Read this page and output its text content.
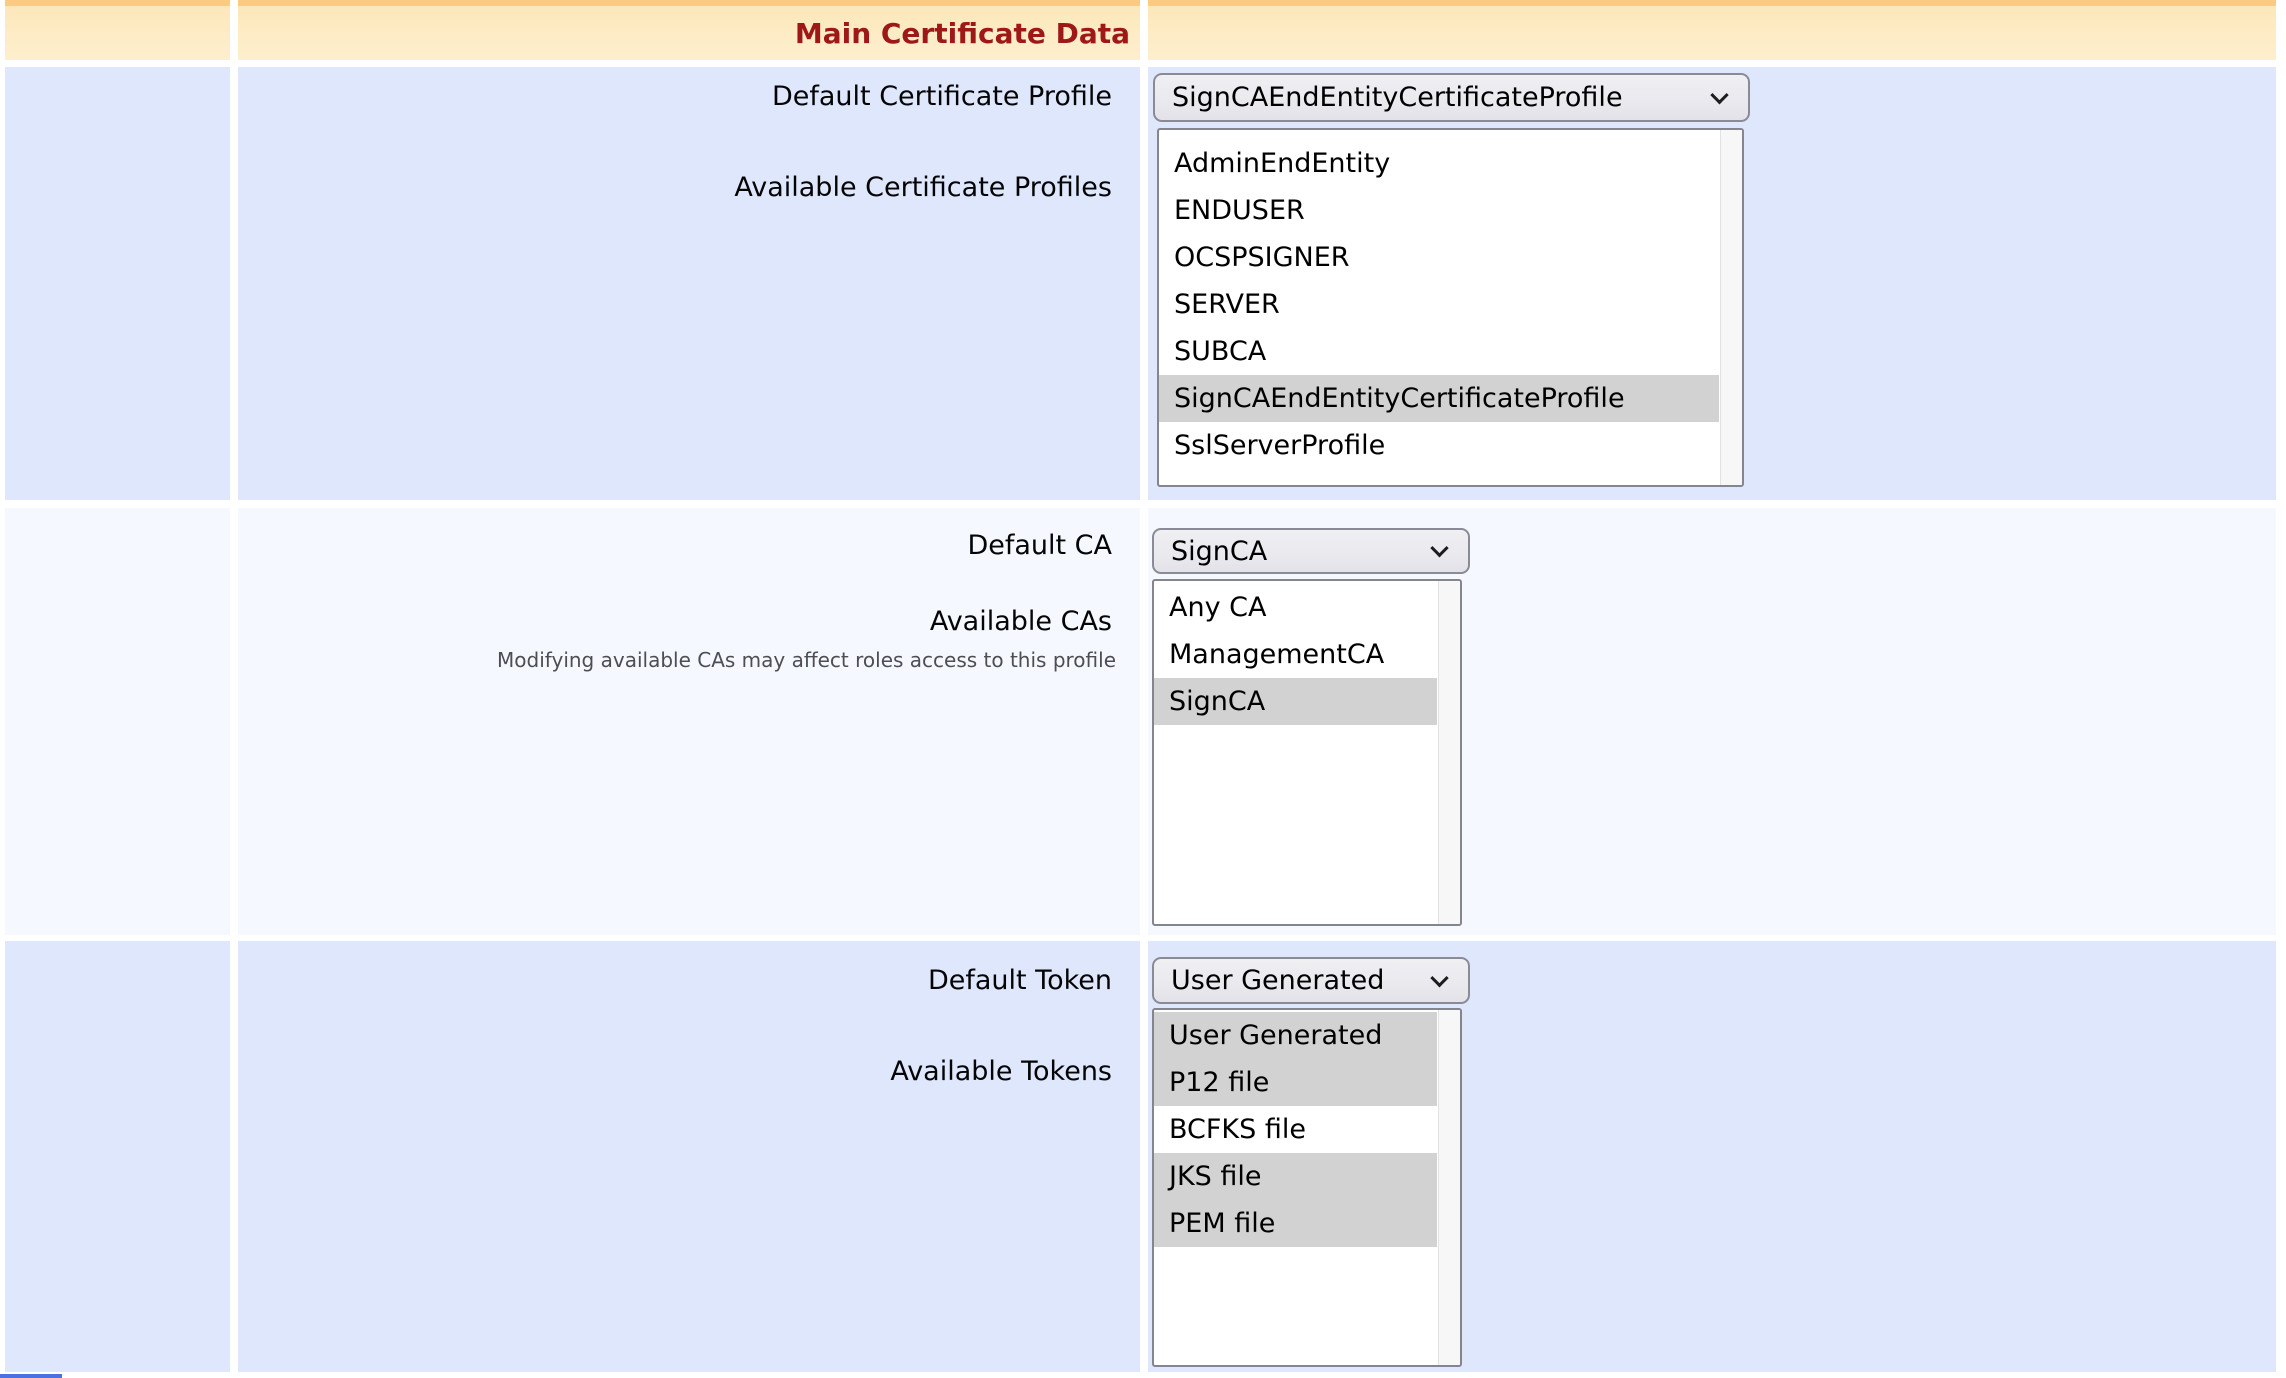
Main Certificate Data
Default Certificate Profile
Available Certificate Profiles
SignCAEndEntityCertificateProfile
AdminEndEntity
ENDUSER
OCSPSIGNER
SERVER
SUBCA
SignCAEndEntityCertificateProfile
SslServerProfile
Default CA
Available CAs
Modifying available CAs may affect roles access to this profile
SignCA
Any CA
ManagementCA
SignCA
Default Token
Available Tokens
User Generated
User Generated
P12 file
BCFKS file
JKS file
PEM file
